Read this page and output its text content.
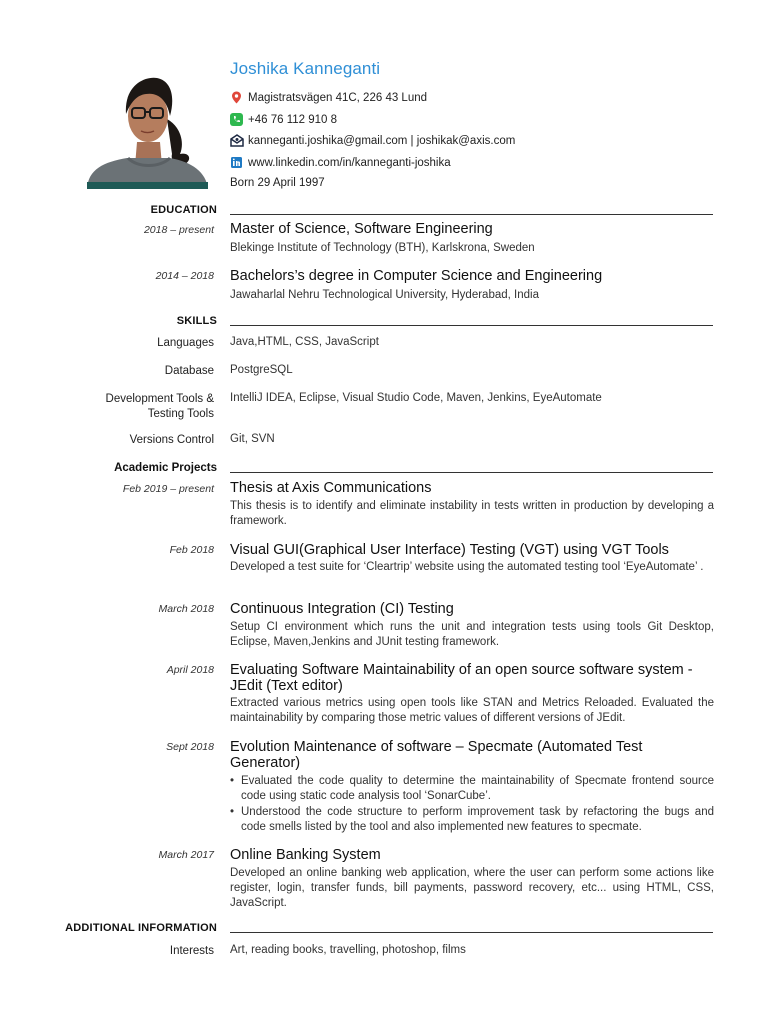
Joshika Kanneganti
Magistratsvägen 41C, 226 43 Lund
+46 76 112 910 8
kanneganti.joshika@gmail.com | joshikak@axis.com
www.linkedin.com/in/kanneganti-joshika
Born 29 April 1997
EDUCATION
2018 – present Master of Science, Software Engineering
Blekinge Institute of Technology (BTH), Karlskrona, Sweden
2014 – 2018 Bachelors’s degree in Computer Science and Engineering
Jawaharlal Nehru Technological University, Hyderabad, India
SKILLS
Languages Java,HTML, CSS, JavaScript
Database PostgreSQL
Development Tools &
Testing Tools
IntelliJ IDEA, Eclipse, Visual Studio Code, Maven, Jenkins, EyeAutomate
Versions Control Git, SVN
Academic Projects
Feb 2019 – present Thesis at Axis Communications
This thesis is to identify and eliminate instability in tests written in production by developing a framework.
Feb 2018 Visual GUI(Graphical User Interface) Testing (VGT) using VGT Tools
Developed a test suite for ‘Cleartrip’ website using the automated testing tool ‘EyeAutomate’ .
March 2018 Continuous Integration (CI) Testing
Setup CI environment which runs the unit and integration tests using tools Git Desktop, Eclipse, Maven,Jenkins and JUnit testing framework.
April 2018 Evaluating Software Maintainability of an open source software system - JEdit (Text editor)
Extracted various metrics using open tools like STAN and Metrics Reloaded. Evaluated the maintainability by comparing those metric values of different versions of JEdit.
Sept 2018 Evolution Maintenance of software – Specmate (Automated Test Generator)
• Evaluated the code quality to determine the maintainability of Specmate frontend source code using static code analysis tool ‘SonarCube’.
• Understood the code structure to perform improvement task by refactoring the bugs and code smells listed by the tool and also implemented new features to specmate.
March 2017 Online Banking System
Developed an online banking web application, where the user can perform some actions like register, login, transfer funds, bill payments, password recovery, etc... using HTML, CSS, JavaScript.
ADDITIONAL INFORMATION
Interests Art, reading books, travelling, photoshop, films
